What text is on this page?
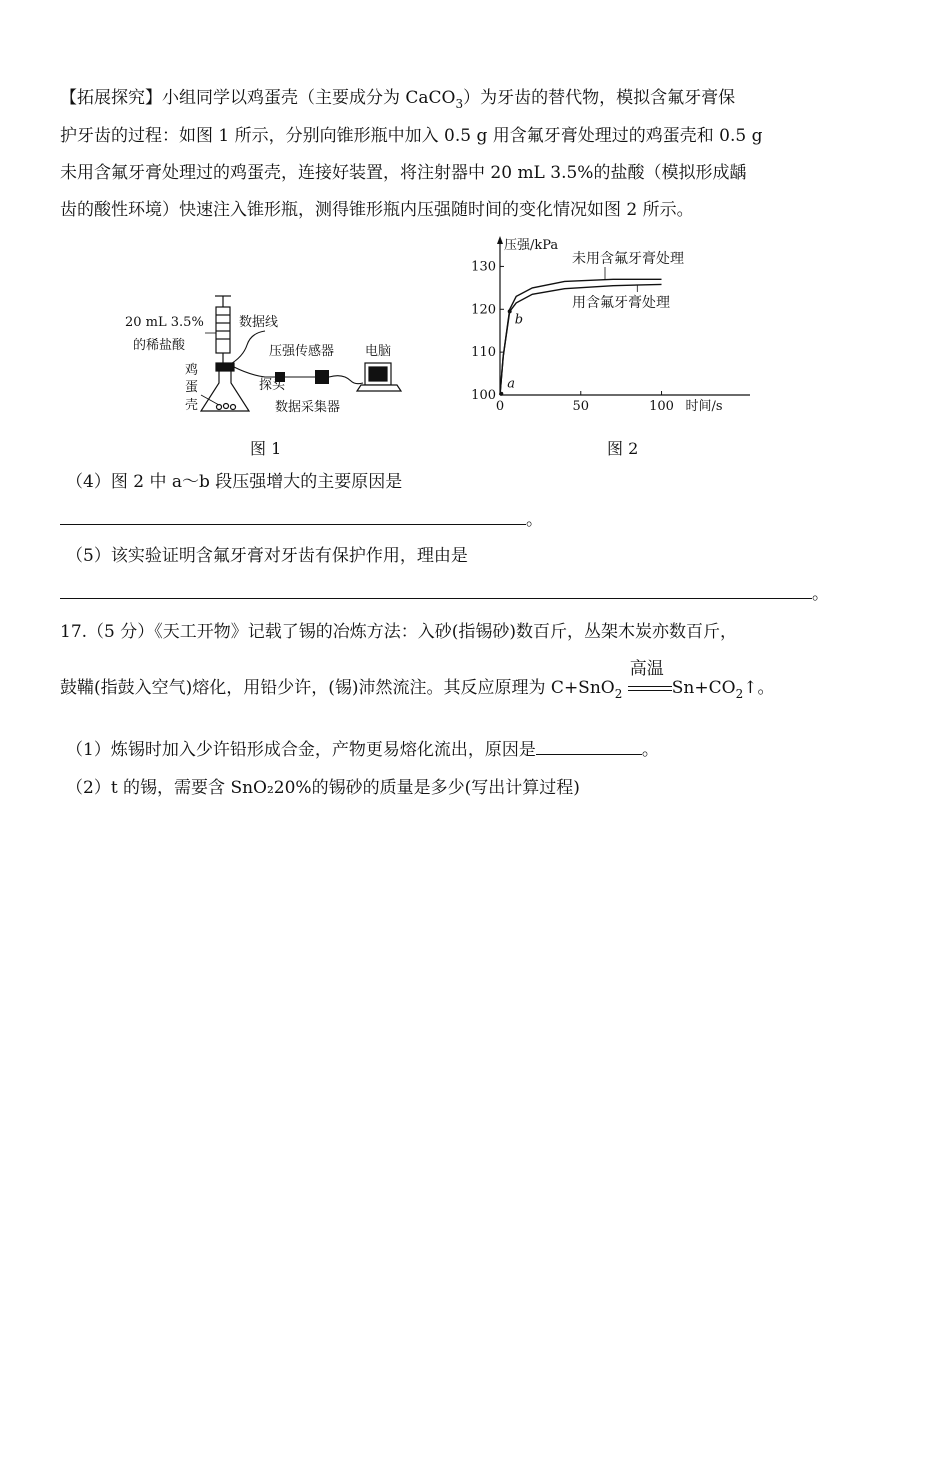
【拓展探究】小组同学以鸡蛋壳（主要成分为 CaCO$_3$）为牙齿的替代物，模拟含氟牙膏保
护牙齿的过程：如图 1 所示，分别向锥形瓶中加入 0.5 g 用含氟牙膏处理过的鸡蛋壳和 0.5 g
未用含氟牙膏处理过的鸡蛋壳，连接好装置，将注射器中 20 mL 3.5%的盐酸（模拟形成龋
齿的酸性环境）快速注入锥形瓶，测得锥形瓶内压强随时间的变化情况如图 2 所示。
20 mL 3.5%
的稀盐酸
数据线
压强传感器 电脑
鸡
蛋
壳
探头
数据采集器
图 1
压强/kPa
时间/s
100
110
120
130
0	50	100
未用含氟牙膏处理
用含氟牙膏处理
a
b
图 2
（4）图 2 中 a～b 段压强增大的主要原因是
。
（5）该实验证明含氟牙膏对牙齿有保护作用，理由是
。
17.（5 分）《天工开物》记载了锡的冶炼方法：入砂(指锡砂)数百斤，丛架木炭亦数百斤，
鼓鞴(指鼓入空气)熔化，用铅少许，(锡)沛然流注。其反应原理为 C+SnO$_2$
高温
$Sn+CO_2↑$。
（1）炼锡时加入少许铅形成合金，产物更易熔化流出，原因是	。
（2）t 的锡，需要含 SnO₂20%的锡砂的质量是多少(写出计算过程)
